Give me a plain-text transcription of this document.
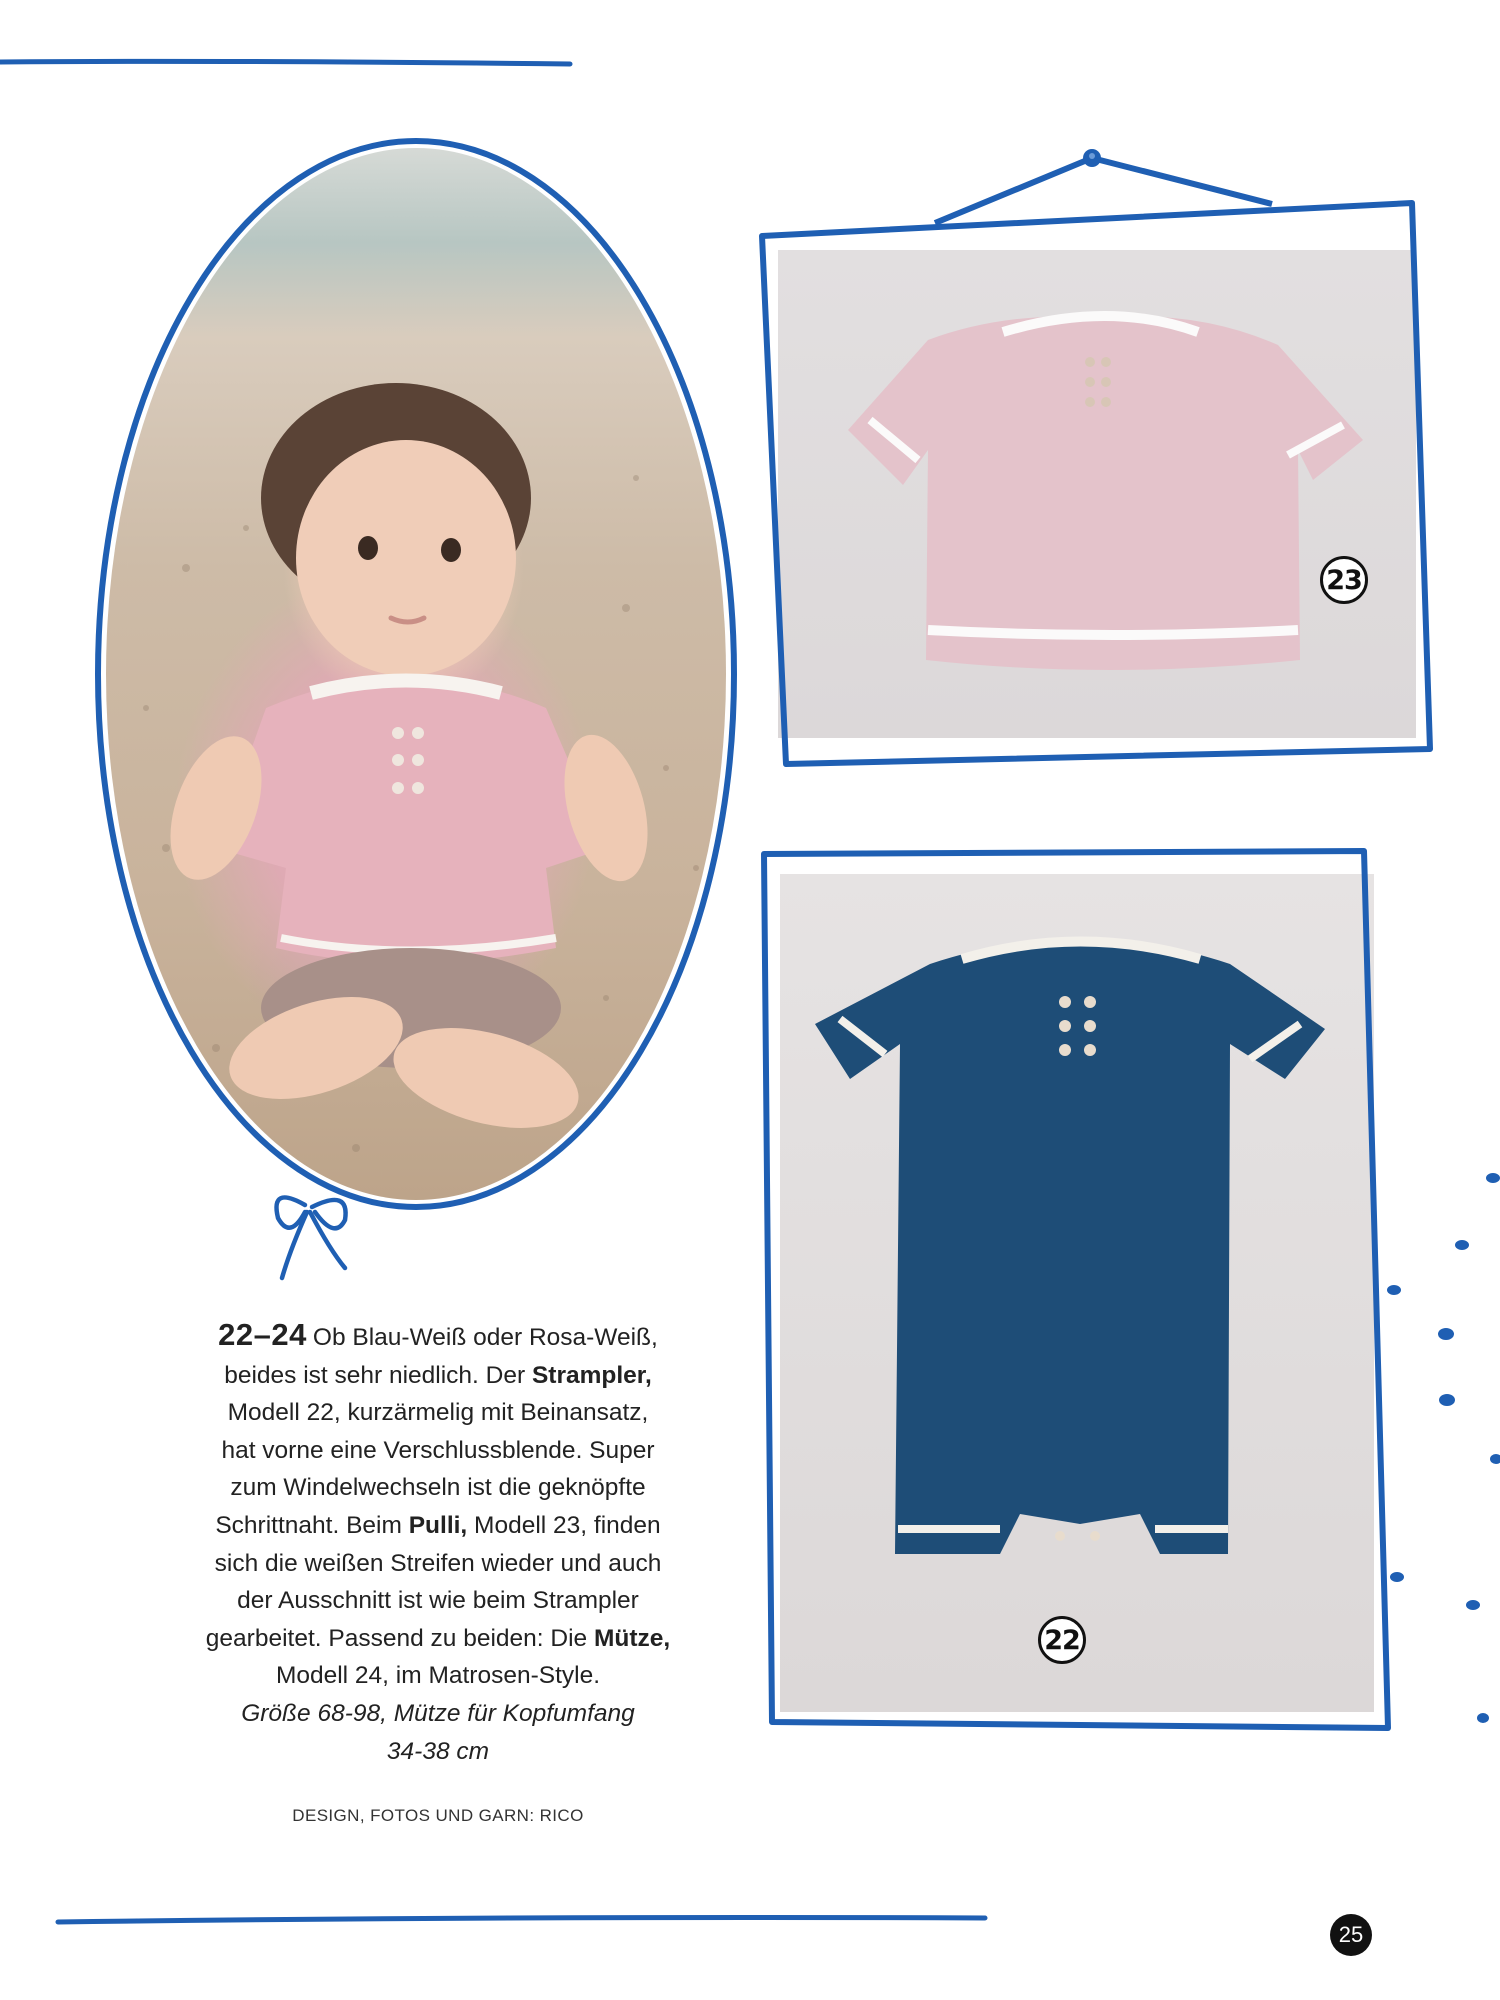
23
22
22–24 Ob Blau-Weiß oder Rosa-Weiß,
beides ist sehr niedlich. Der Strampler,
Modell 22, kurzärmelig mit Beinansatz,
hat vorne eine Verschlussblende. Super
zum Windelwechseln ist die geknöpfte
Schrittnaht. Beim Pulli, Modell 23, finden
sich die weißen Streifen wieder und auch
der Ausschnitt ist wie beim Strampler
gearbeitet. Passend zu beiden: Die Mütze,
Modell 24, im Matrosen-Style.
Größe 68-98, Mütze für Kopfumfang
34-38 cm
DESIGN, FOTOS UND GARN: RICO
25
